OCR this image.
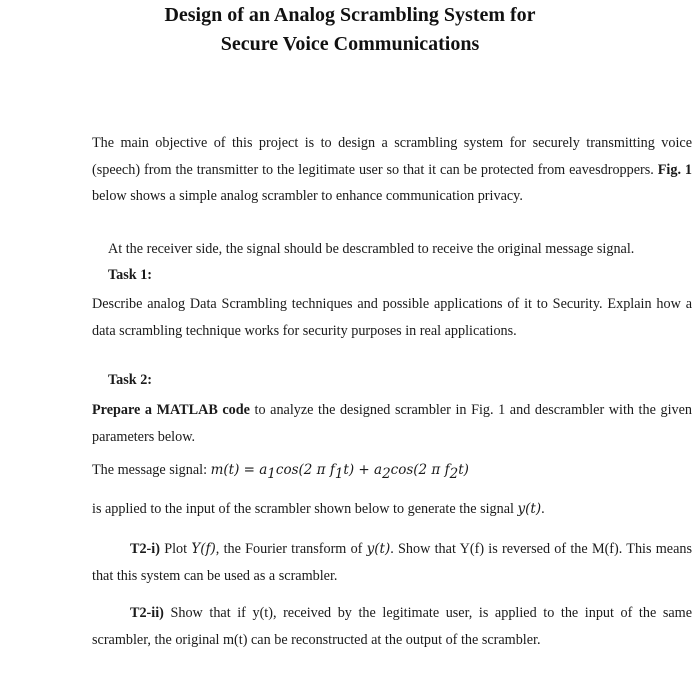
Design of an Analog Scrambling System for
Secure Voice Communications

The main objective of this project is to design a scrambling system for securely transmitting voice (speech) from the transmitter to the legitimate user so that it can be protected from eavesdroppers. Fig. 1 below shows a simple analog scrambler to enhance communication privacy.

At the receiver side, the signal should be descrambled to receive the original message signal.

Task 1:

Describe analog Data Scrambling techniques and possible applications of it to Security. Explain how a data scrambling technique works for security purposes in real applications.

Task 2:

Prepare a MATLAB code to analyze the designed scrambler in Fig. 1 and descrambler with the given parameters below.

The message signal: $m(t) = a_1\cos(2$ π $f_1t) + a_2\cos(2$ π $f_2t$)

is applied to the input of the scrambler shown below to generate the signal y(t).

T2-i) Plot Y(f), the Fourier transform of y(t). Show that Y(f) is reversed of the M(f). This means that this system can be used as a scrambler.

T2-ii) Show that if y(t), received by the legitimate user, is applied to the input of the same scrambler, the original m(t) can be reconstructed at the output of the scrambler.
